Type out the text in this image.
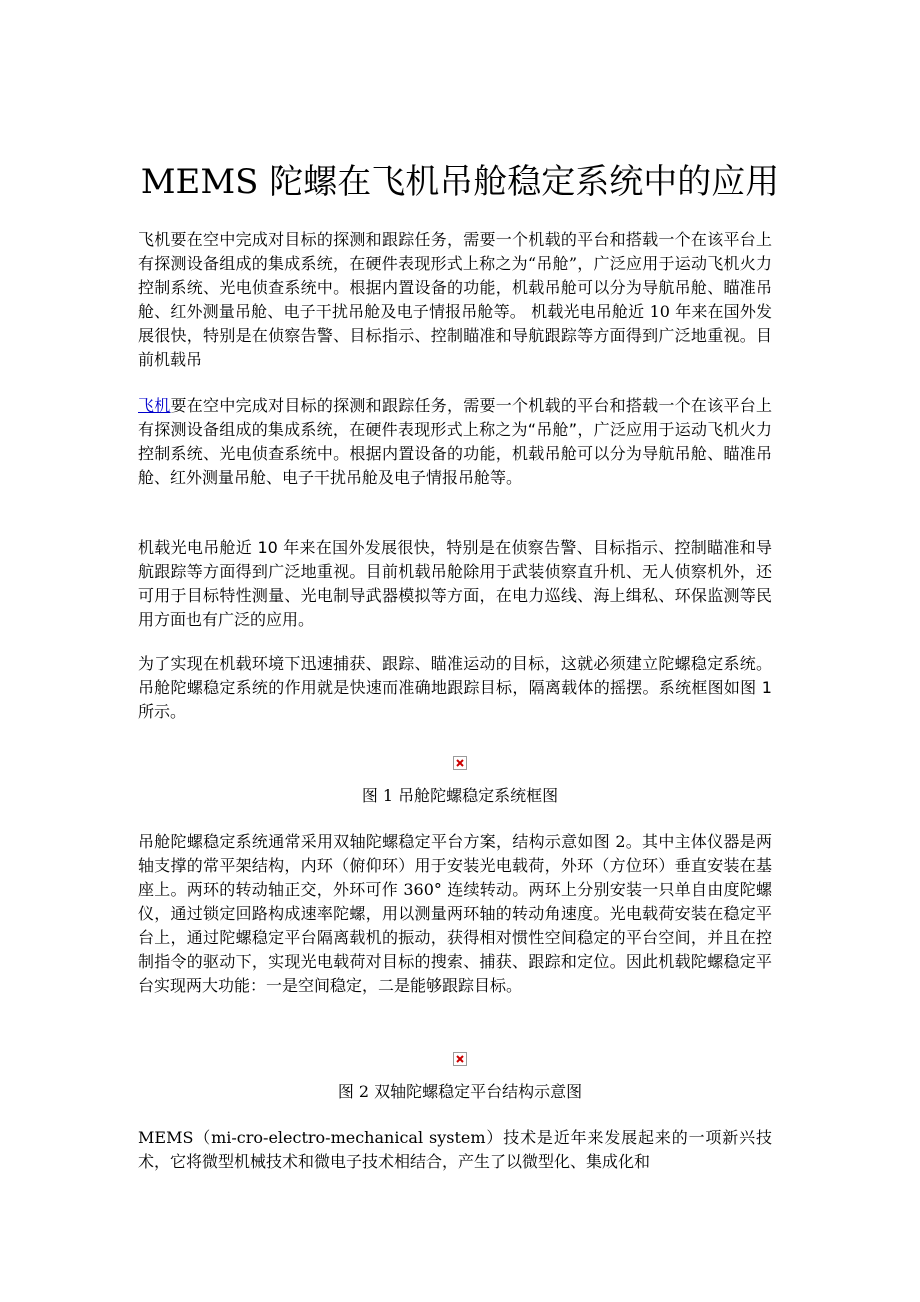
MEMS 陀螺在飞机吊舱稳定系统中的应用

飞机要在空中完成对目标的探测和跟踪任务，需要一个机载的平台和搭载一个在该平台上有探测设备组成的集成系统，在硬件表现形式上称之为“吊舱”，广泛应用于运动飞机火力控制系统、光电侦查系统中。根据内置设备的功能，机载吊舱可以分为导航吊舱、瞄准吊舱、红外测量吊舱、电子干扰吊舱及电子情报吊舱等。 机载光电吊舱近 10 年来在国外发展很快，特别是在侦察告警、目标指示、控制瞄准和导航跟踪等方面得到广泛地重视。目前机载吊

飞机要在空中完成对目标的探测和跟踪任务，需要一个机载的平台和搭载一个在该平台上有探测设备组成的集成系统，在硬件表现形式上称之为“吊舱”，广泛应用于运动飞机火力控制系统、光电侦查系统中。根据内置设备的功能，机载吊舱可以分为导航吊舱、瞄准吊舱、红外测量吊舱、电子干扰吊舱及电子情报吊舱等。

机载光电吊舱近 10 年来在国外发展很快，特别是在侦察告警、目标指示、控制瞄准和导航跟踪等方面得到广泛地重视。目前机载吊舱除用于武装侦察直升机、无人侦察机外，还可用于目标特性测量、光电制导武器模拟等方面，在电力巡线、海上缉私、环保监测等民用方面也有广泛的应用。

为了实现在机载环境下迅速捕获、跟踪、瞄准运动的目标，这就必须建立陀螺稳定系统。吊舱陀螺稳定系统的作用就是快速而准确地跟踪目标，隔离载体的摇摆。系统框图如图 1 所示。

图 1 吊舱陀螺稳定系统框图

吊舱陀螺稳定系统通常采用双轴陀螺稳定平台方案，结构示意如图 2。其中主体仪器是两轴支撑的常平架结构，内环（俯仰环）用于安装光电载荷，外环（方位环）垂直安装在基座上。两环的转动轴正交，外环可作 360° 连续转动。两环上分别安装一只单自由度陀螺仪，通过锁定回路构成速率陀螺，用以测量两环轴的转动角速度。光电载荷安装在稳定平台上，通过陀螺稳定平台隔离载机的振动，获得相对惯性空间稳定的平台空间，并且在控制指令的驱动下，实现光电载荷对目标的搜索、捕获、跟踪和定位。因此机载陀螺稳定平台实现两大功能：一是空间稳定，二是能够跟踪目标。

图 2 双轴陀螺稳定平台结构示意图

MEMS（mi-cro-electro-mechanical system）技术是近年来发展起来的一项新兴技术，它将微型机械技术和微电子技术相结合，产生了以微型化、集成化和
